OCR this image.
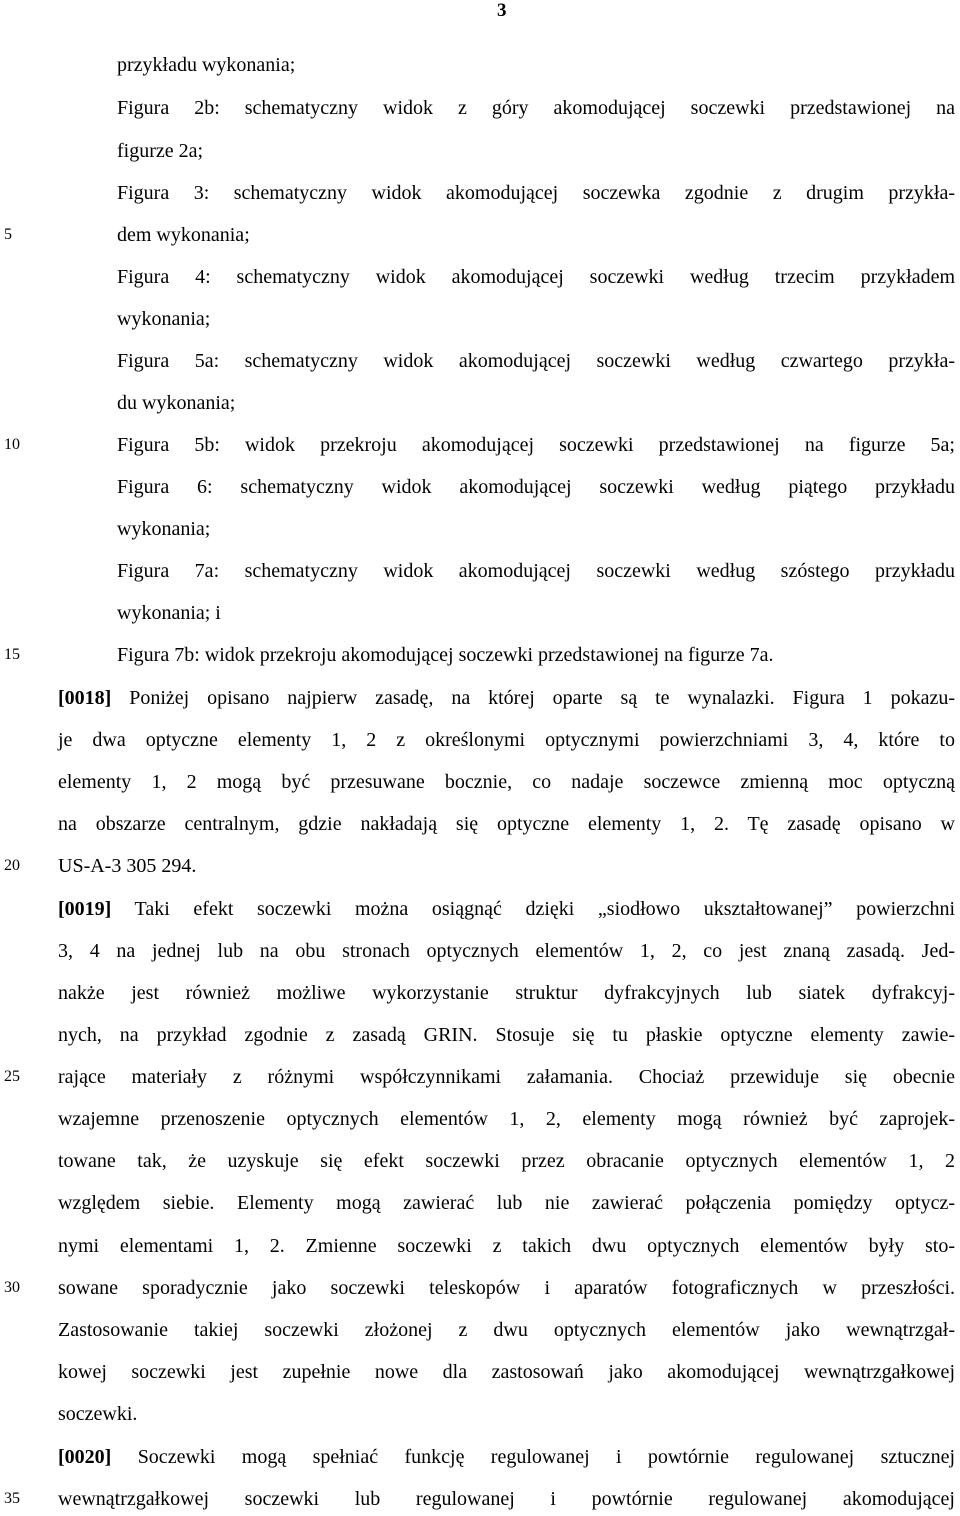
3
5
10
15
20
25
30
35
przykładu wykonania;
Figura 2b: schematyczny widok z góry akomodującej soczewki przedstawionej na
figurze 2a;
Figura 3: schematyczny widok akomodującej soczewka zgodnie z drugim przykła-
dem wykonania;
Figura 4: schematyczny widok akomodującej soczewki według trzecim przykładem
wykonania;
Figura 5a: schematyczny widok akomodującej soczewki według czwartego przykła-
du wykonania;
Figura 5b: widok przekroju akomodującej soczewki przedstawionej na figurze 5a;
Figura 6: schematyczny widok akomodującej soczewki według piątego przykładu
wykonania;
Figura 7a: schematyczny widok akomodującej soczewki według szóstego przykładu
wykonania; i
Figura 7b: widok przekroju akomodującej soczewki przedstawionej na figurze 7a.
[0018] Poniżej opisano najpierw zasadę, na której oparte są te wynalazki. Figura 1 pokazu-
je dwa optyczne elementy 1, 2 z określonymi optycznymi powierzchniami 3, 4, które to
elementy 1, 2 mogą być przesuwane bocznie, co nadaje soczewce zmienną moc optyczną
na obszarze centralnym, gdzie nakładają się optyczne elementy 1, 2. Tę zasadę opisano w
US-A-3 305 294.
[0019] Taki efekt soczewki można osiągnąć dzięki „siodłowo ukształtowanej” powierzchni
3, 4 na jednej lub na obu stronach optycznych elementów 1, 2, co jest znaną zasadą. Jed-
nakże jest również możliwe wykorzystanie struktur dyfrakcyjnych lub siatek dyfrakcyj-
nych, na przykład zgodnie z zasadą GRIN. Stosuje się tu płaskie optyczne elementy zawie-
rające materiały z różnymi współczynnikami załamania. Chociaż przewiduje się obecnie
wzajemne przenoszenie optycznych elementów 1, 2, elementy mogą również być zaprojek-
towane tak, że uzyskuje się efekt soczewki przez obracanie optycznych elementów 1, 2
względem siebie. Elementy mogą zawierać lub nie zawierać połączenia pomiędzy optycz-
nymi elementami 1, 2. Zmienne soczewki z takich dwu optycznych elementów były sto-
sowane sporadycznie jako soczewki teleskopów i aparatów fotograficznych w przeszłości.
Zastosowanie takiej soczewki złożonej z dwu optycznych elementów jako wewnątrzgał-
kowej soczewki jest zupełnie nowe dla zastosowań jako akomodującej wewnątrzgałkowej
soczewki.
[0020] Soczewki mogą spełniać funkcję regulowanej i powtórnie regulowanej sztucznej
wewnątrzgałkowej soczewki lub regulowanej i powtórnie regulowanej akomodującej
